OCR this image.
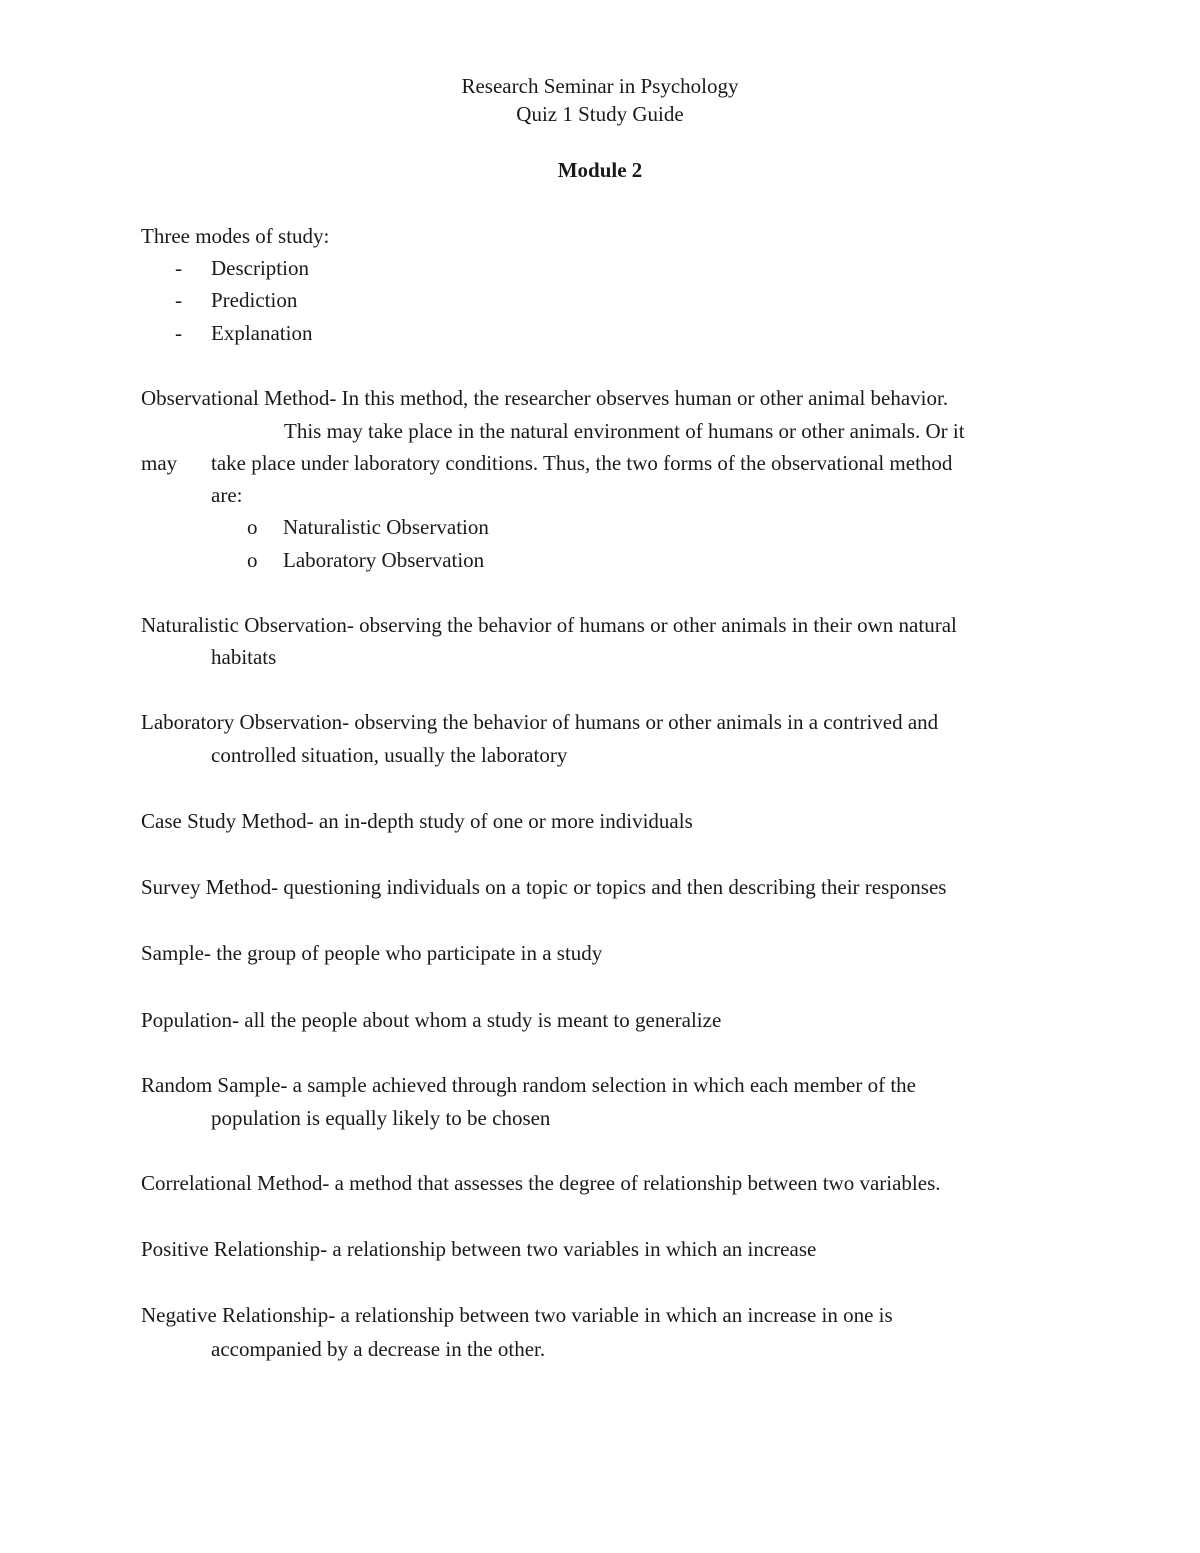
Research Seminar in Psychology
Quiz 1 Study Guide
Module 2
Three modes of study:
- Description
- Prediction
- Explanation
Observational Method- In this method, the researcher observes human or other animal behavior.
This may take place in the natural environment of humans or other animals. Or it
may take place under laboratory conditions. Thus, the two forms of the observational method
are:
o Naturalistic Observation
o Laboratory Observation
Naturalistic Observation- observing the behavior of humans or other animals in their own natural
habitats
Laboratory Observation- observing the behavior of humans or other animals in a contrived and
controlled situation, usually the laboratory
Case Study Method- an in-depth study of one or more individuals
Survey Method- questioning individuals on a topic or topics and then describing their responses
Sample- the group of people who participate in a study
Population- all the people about whom a study is meant to generalize
Random Sample- a sample achieved through random selection in which each member of the
population is equally likely to be chosen
Correlational Method- a method that assesses the degree of relationship between two variables.
Positive Relationship- a relationship between two variables in which an increase
Negative Relationship- a relationship between two variable in which an increase in one is
accompanied by a decrease in the other.
